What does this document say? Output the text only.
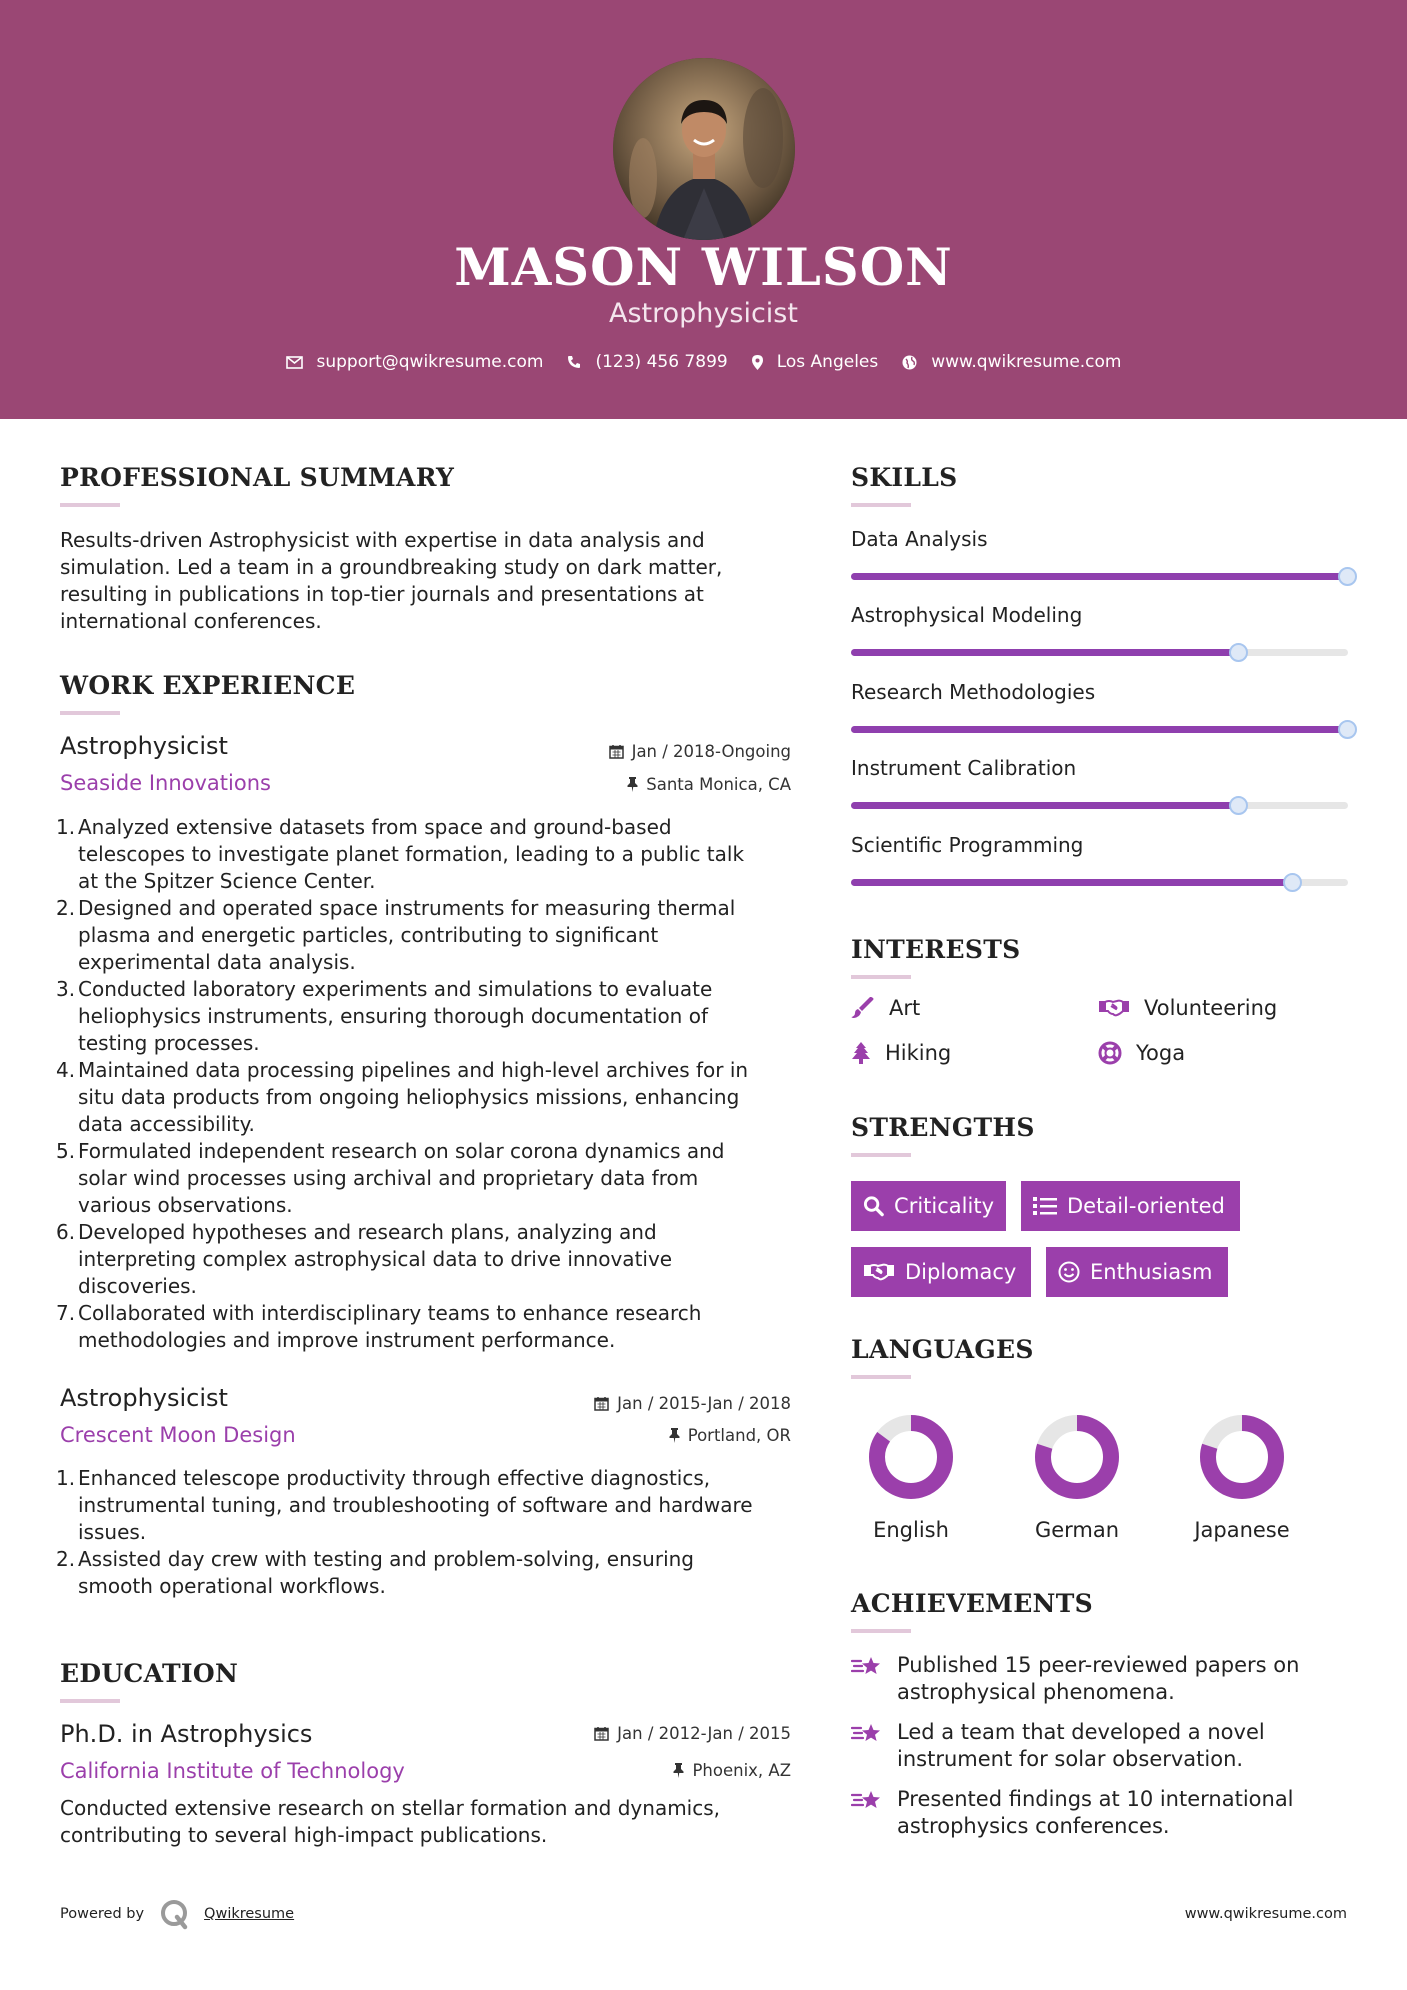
MASON WILSON
Astrophysicist
support@qwikresume.com	(123) 456 7899	Los Angeles	www.qwikresume.com
PROFESSIONAL SUMMARY
Results-driven Astrophysicist with expertise in data analysis and
simulation. Led a team in a groundbreaking study on dark matter,
resulting in publications in top-tier journals and presentations at
international conferences.
WORK EXPERIENCE
Astrophysicist	Jan / 2018-Ongoing
Seaside Innovations	Santa Monica, CA
1. Analyzed extensive datasets from space and ground-based
telescopes to investigate planet formation, leading to a public talk
at the Spitzer Science Center.
2. Designed and operated space instruments for measuring thermal
plasma and energetic particles, contributing to significant
experimental data analysis.
3. Conducted laboratory experiments and simulations to evaluate
heliophysics instruments, ensuring thorough documentation of
testing processes.
4. Maintained data processing pipelines and high-level archives for in
situ data products from ongoing heliophysics missions, enhancing
data accessibility.
5. Formulated independent research on solar corona dynamics and
solar wind processes using archival and proprietary data from
various observations.
6. Developed hypotheses and research plans, analyzing and
interpreting complex astrophysical data to drive innovative
discoveries.
7. Collaborated with interdisciplinary teams to enhance research
methodologies and improve instrument performance.
Astrophysicist	Jan / 2015-Jan / 2018
Crescent Moon Design	Portland, OR
1. Enhanced telescope productivity through effective diagnostics,
instrumental tuning, and troubleshooting of software and hardware
issues.
2. Assisted day crew with testing and problem-solving, ensuring
smooth operational workflows.
EDUCATION
Ph.D. in Astrophysics	Jan / 2012-Jan / 2015
California Institute of Technology	Phoenix, AZ
Conducted extensive research on stellar formation and dynamics,
contributing to several high-impact publications.
SKILLS
Data Analysis
Astrophysical Modeling
Research Methodologies
Instrument Calibration
Scientific Programming
INTERESTS
Art	Volunteering
Hiking	Yoga
STRENGTHS
Criticality	Detail-oriented
Diplomacy	Enthusiasm
LANGUAGES
English	German	Japanese
ACHIEVEMENTS
Published 15 peer-reviewed papers on
astrophysical phenomena.
Led a team that developed a novel
instrument for solar observation.
Presented findings at 10 international
astrophysics conferences.
Powered by	Qwikresume	www.qwikresume.com
